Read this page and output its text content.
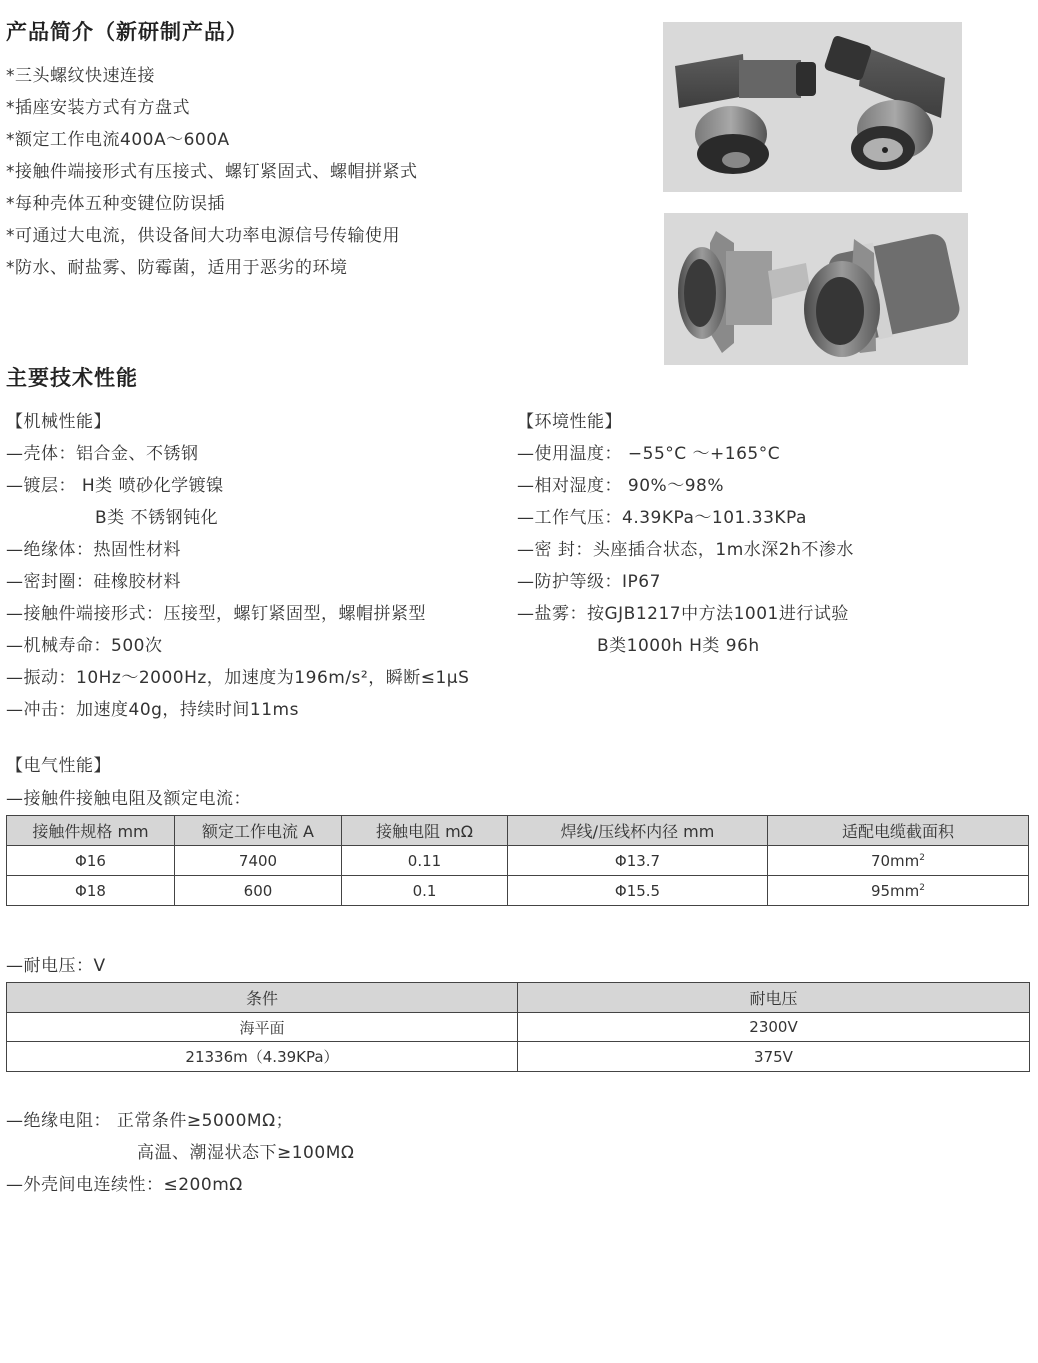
产品简介（新研制产品）
*三头螺纹快速连接
*插座安装方式有方盘式
*额定工作电流400A～600A
*接触件端接形式有压接式、螺钉紧固式、螺帽拼紧式
*每种壳体五种变键位防误插
*可通过大电流，供设备间大功率电源信号传输使用
*防水、耐盐雾、防霉菌，适用于恶劣的环境
主要技术性能
【机械性能】
—壳体：铝合金、不锈钢
—镀层： H类 喷砂化学镀镍
B类 不锈钢钝化
—绝缘体：热固性材料
—密封圈：硅橡胶材料
—接触件端接形式：压接型，螺钉紧固型，螺帽拼紧型
—机械寿命：500次
—振动：10Hz～2000Hz，加速度为196m/s²，瞬断≤1μS
—冲击：加速度40g，持续时间11ms
【环境性能】
—使用温度： −55°C ～+165°C
—相对湿度： 90%～98%
—工作气压：4.39KPa～101.33KPa
—密 封：头座插合状态，1m水深2h不渗水
—防护等级：IP67
—盐雾：按GJB1217中方法1001进行试验
B类1000h H类 96h
【电气性能】
—接触件接触电阻及额定电流：
接触件规格 mm	额定工作电流 A	接触电阻 mΩ	焊线/压线杯内径 mm	适配电缆截面积
Φ16	7400	0.11	Φ13.7	$70mm^2$
Φ18	600	0.1	Φ15.5	$95mm^2$
—耐电压：V
条件	耐电压
海平面	2300V
21336m（4.39KPa）	375V
—绝缘电阻： 正常条件≥5000MΩ；
高温、潮湿状态下≥100MΩ
—外壳间电连续性：≤200mΩ
